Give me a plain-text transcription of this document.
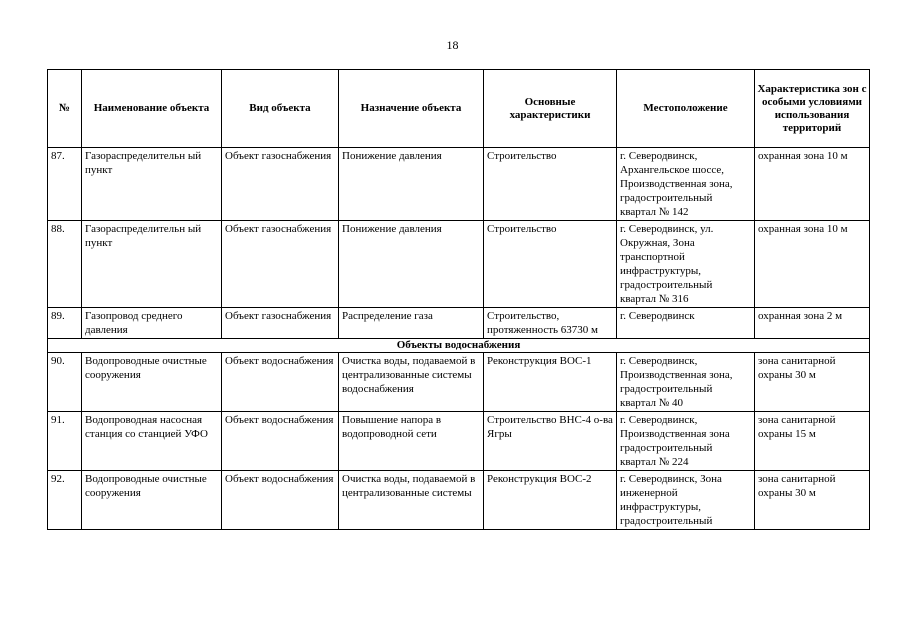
18
№	Наименование объекта	Вид объекта	Назначение объекта	Основные характеристики	Местоположение	Характеристика зон с особыми условиями использования территорий
87.	Газораспределительн ый пункт	Объект газоснабжения	Понижение давления	Строительство	г. Северодвинск, Архангельское шоссе, Производственная зона, градостроительный квартал № 142	охранная зона 10 м
88.	Газораспределительн ый пункт	Объект газоснабжения	Понижение давления	Строительство	г. Северодвинск, ул. Окружная, Зона транспортной инфраструктуры, градостроительный квартал № 316	охранная зона 10 м
89.	Газопровод среднего давления	Объект газоснабжения	Распределение газа	Строительство, протяженность 63730 м	г. Северодвинск	охранная зона 2 м
Объекты водоснабжения						
90.	Водопроводные очистные сооружения	Объект водоснабжения	Очистка воды, подаваемой в централизованные системы водоснабжения	Реконструкция ВОС-1	г. Северодвинск, Производственная зона, градостроительный квартал № 40	зона санитарной охраны 30 м
91.	Водопроводная насосная станция со станцией УФО	Объект водоснабжения	Повышение напора в водопроводной сети	Строительство ВНС-4 о-ва Ягры	г. Северодвинск, Производственная зона градостроительный квартал № 224	зона санитарной охраны 15 м

92.	Водопроводные очистные сооружения	Объект водоснабжения	Очистка воды, подаваемой в централизованные системы	Реконструкция ВОС-2	г. Северодвинск, Зона инженерной инфраструктуры, градостроительный	зона санитарной охраны 30 м
